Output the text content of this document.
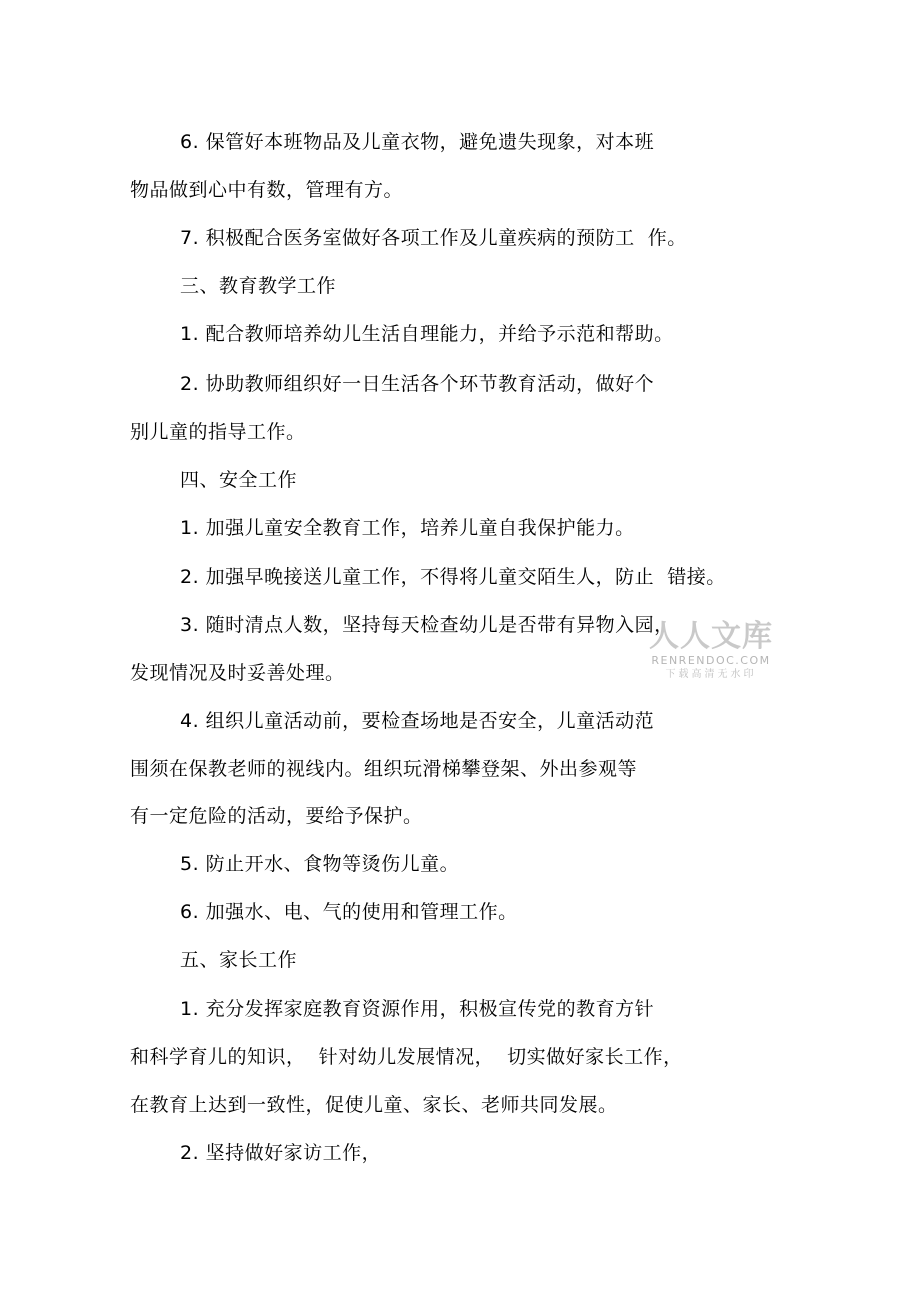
6. 保管好本班物品及儿童衣物，避免遗失现象，对本班
物品做到心中有数，管理有方。
7. 积极配合医务室做好各项工作及儿童疾病的预防工  作。
三、教育教学工作
1. 配合教师培养幼儿生活自理能力，并给予示范和帮助。
2. 协助教师组织好一日生活各个环节教育活动，做好个
别儿童的指导工作。
四、安全工作
1. 加强儿童安全教育工作，培养儿童自我保护能力。
2. 加强早晚接送儿童工作，不得将儿童交陌生人，防止  错接。
3. 随时清点人数，坚持每天检查幼儿是否带有异物入园，
发现情况及时妥善处理。
4. 组织儿童活动前，要检查场地是否安全，儿童活动范
围须在保教老师的视线内。组织玩滑梯攀登架、外出参观等
有一定危险的活动，要给予保护。
5. 防止开水、食物等烫伤儿童。
6. 加强水、电、气的使用和管理工作。
五、家长工作
1. 充分发挥家庭教育资源作用，积极宣传党的教育方针
和科学育儿的知识，  针对幼儿发展情况，  切实做好家长工作，
在教育上达到一致性，促使儿童、家长、老师共同发展。
2. 坚持做好家访工作，
人人文库
RENRENDOC.COM
下载高清无水印
